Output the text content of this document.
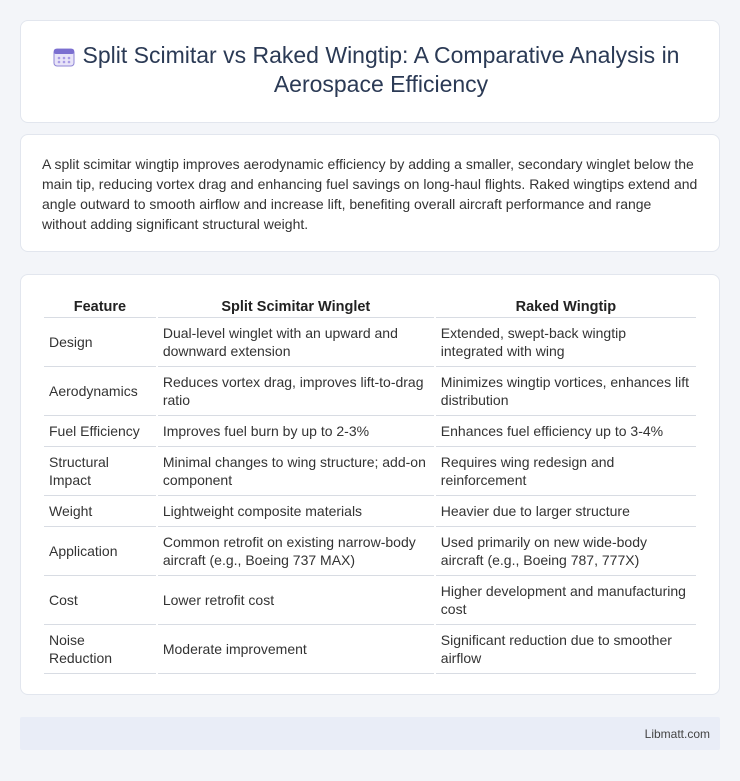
Split Scimitar vs Raked Wingtip: A Comparative Analysis in Aerospace Efficiency

A split scimitar wingtip improves aerodynamic efficiency by adding a smaller, secondary winglet below the main tip, reducing vortex drag and enhancing fuel savings on long-haul flights. Raked wingtips extend and angle outward to smooth airflow and increase lift, benefiting overall aircraft performance and range without adding significant structural weight.

Feature	Split Scimitar Winglet	Raked Wingtip
Design	Dual-level winglet with an upward and downward extension	Extended, swept-back wingtip integrated with wing
Aerodynamics	Reduces vortex drag, improves lift-to-drag ratio	Minimizes wingtip vortices, enhances lift distribution
Fuel Efficiency	Improves fuel burn by up to 2-3%	Enhances fuel efficiency up to 3-4%
Structural Impact	Minimal changes to wing structure; add-on component	Requires wing redesign and reinforcement
Weight	Lightweight composite materials	Heavier due to larger structure
Application	Common retrofit on existing narrow-body aircraft (e.g., Boeing 737 MAX)	Used primarily on new wide-body aircraft (e.g., Boeing 787, 777X)
Cost	Lower retrofit cost	Higher development and manufacturing cost
Noise Reduction	Moderate improvement	Significant reduction due to smoother airflow
Libmatt.com
